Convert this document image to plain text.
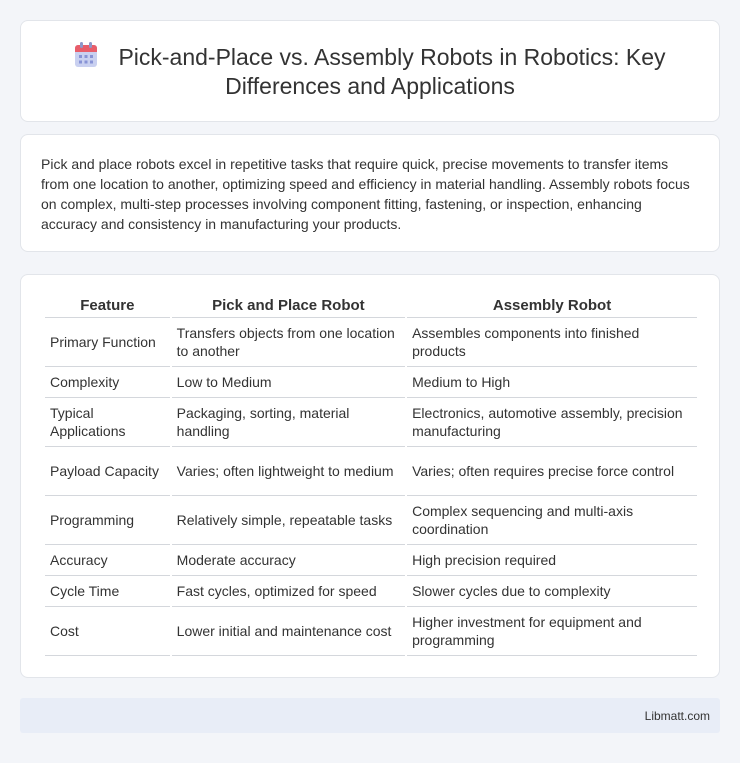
Pick-and-Place vs. Assembly Robots in Robotics: Key Differences and Applications

Pick and place robots excel in repetitive tasks that require quick, precise movements to transfer items from one location to another, optimizing speed and efficiency in material handling. Assembly robots focus on complex, multi-step processes involving component fitting, fastening, or inspection, enhancing accuracy and consistency in manufacturing your products.

Feature	Pick and Place Robot	Assembly Robot
Primary Function	Transfers objects from one location to another	Assembles components into finished products
Complexity	Low to Medium	Medium to High
Typical Applications	Packaging, sorting, material handling	Electronics, automotive assembly, precision manufacturing
Payload Capacity	Varies; often lightweight to medium	Varies; often requires precise force control
Programming	Relatively simple, repeatable tasks	Complex sequencing and multi-axis coordination
Accuracy	Moderate accuracy	High precision required
Cycle Time	Fast cycles, optimized for speed	Slower cycles due to complexity
Cost	Lower initial and maintenance cost	Higher investment for equipment and programming
Libmatt.com
